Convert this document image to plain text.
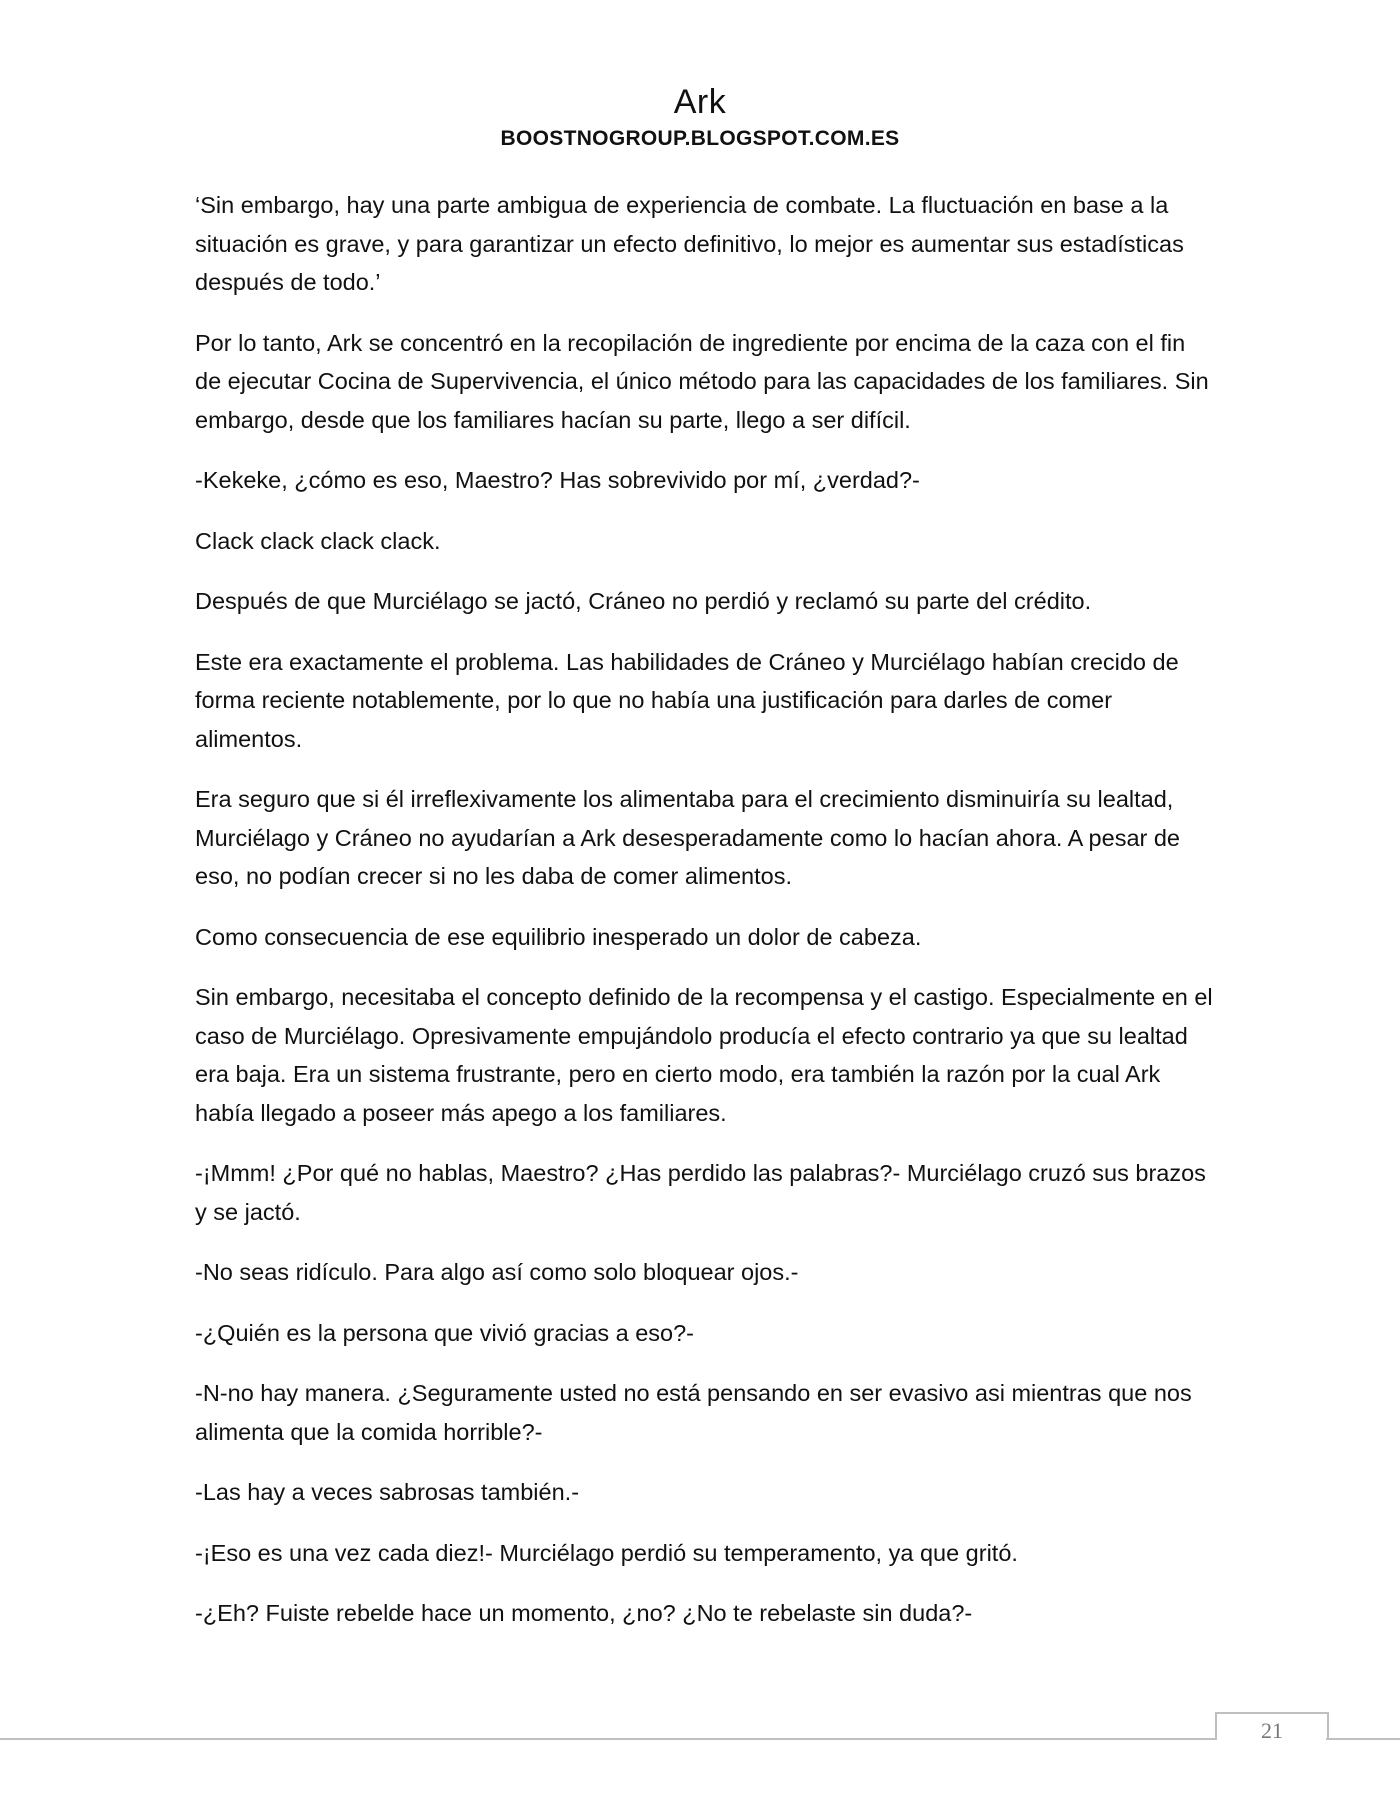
Ark
BOOSTNOGROUP.BLOGSPOT.COM.ES

‘Sin embargo, hay una parte ambigua de experiencia de combate. La fluctuación en base a la situación es grave, y para garantizar un efecto definitivo, lo mejor es aumentar sus estadísticas después de todo.’

Por lo tanto, Ark se concentró en la recopilación de ingrediente por encima de la caza con el fin de ejecutar Cocina de Supervivencia, el único método para las capacidades de los familiares. Sin embargo, desde que los familiares hacían su parte, llego a ser difícil.

-Kekeke, ¿cómo es eso, Maestro? Has sobrevivido por mí, ¿verdad?-

Clack clack clack clack.

Después de que Murciélago se jactó, Cráneo no perdió y reclamó su parte del crédito.

Este era exactamente el problema. Las habilidades de Cráneo y Murciélago habían crecido de forma reciente notablemente, por lo que no había una justificación para darles de comer alimentos.

Era seguro que si él irreflexivamente los alimentaba para el crecimiento disminuiría su lealtad, Murciélago y Cráneo no ayudarían a Ark desesperadamente como lo hacían ahora. A pesar de eso, no podían crecer si no les daba de comer alimentos.

Como consecuencia de ese equilibrio inesperado un dolor de cabeza.

Sin embargo, necesitaba el concepto definido de la recompensa y el castigo. Especialmente en el caso de Murciélago. Opresivamente empujándolo producía el efecto contrario ya que su lealtad era baja. Era un sistema frustrante, pero en cierto modo, era también la razón por la cual Ark había llegado a poseer más apego a los familiares.

-¡Mmm! ¿Por qué no hablas, Maestro? ¿Has perdido las palabras?- Murciélago cruzó sus brazos y se jactó.

-No seas ridículo. Para algo así como solo bloquear ojos.-

-¿Quién es la persona que vivió gracias a eso?-

-N-no hay manera. ¿Seguramente usted no está pensando en ser evasivo asi mientras que nos alimenta que la comida horrible?-

-Las hay a veces sabrosas también.-

-¡Eso es una vez cada diez!- Murciélago perdió su temperamento, ya que gritó.

-¿Eh? Fuiste rebelde hace un momento, ¿no? ¿No te rebelaste sin duda?-

21
